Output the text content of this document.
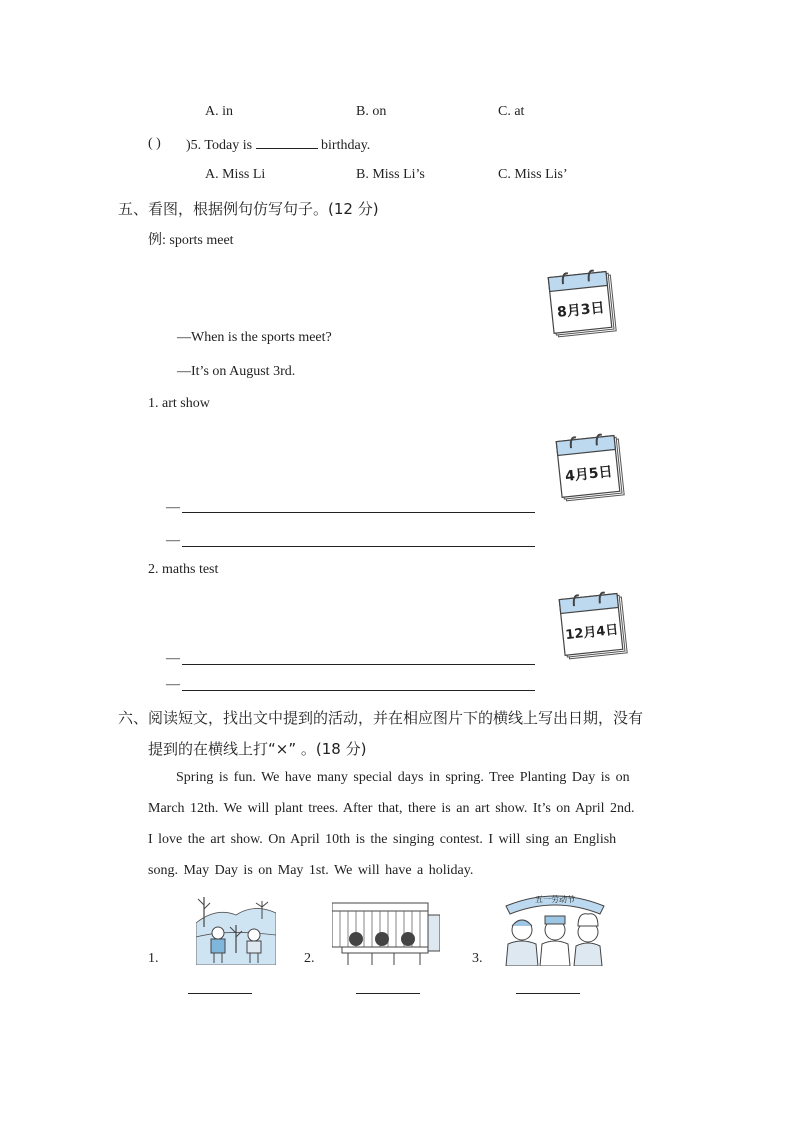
A. in	B. on	C. at
( ) )5. Today is	birthday.
A. Miss Li	B. Miss Li’s	C. Miss Lis’
五、看图，根据例句仿写句子。(12 分)
例: sports meet
8月3日
—When is the sports meet?
—It’s on August 3rd.
1. art show
4月5日
—
—
2. maths test
12月4日
—
—
六、阅读短文，找出文中提到的活动，并在相应图片下的横线上写出日期，没有
提到的在横线上打“×” 。(18 分)
Spring is fun. We have many special days in spring. Tree Planting Day is on
March 12th. We will plant trees. After that, there is an art show. It’s on April 2nd.
I love the art show. On April 10th is the singing contest. I will sing an English
song. May Day is on May 1st. We will have a holiday.
1.	2.	3.
五一劳动节
